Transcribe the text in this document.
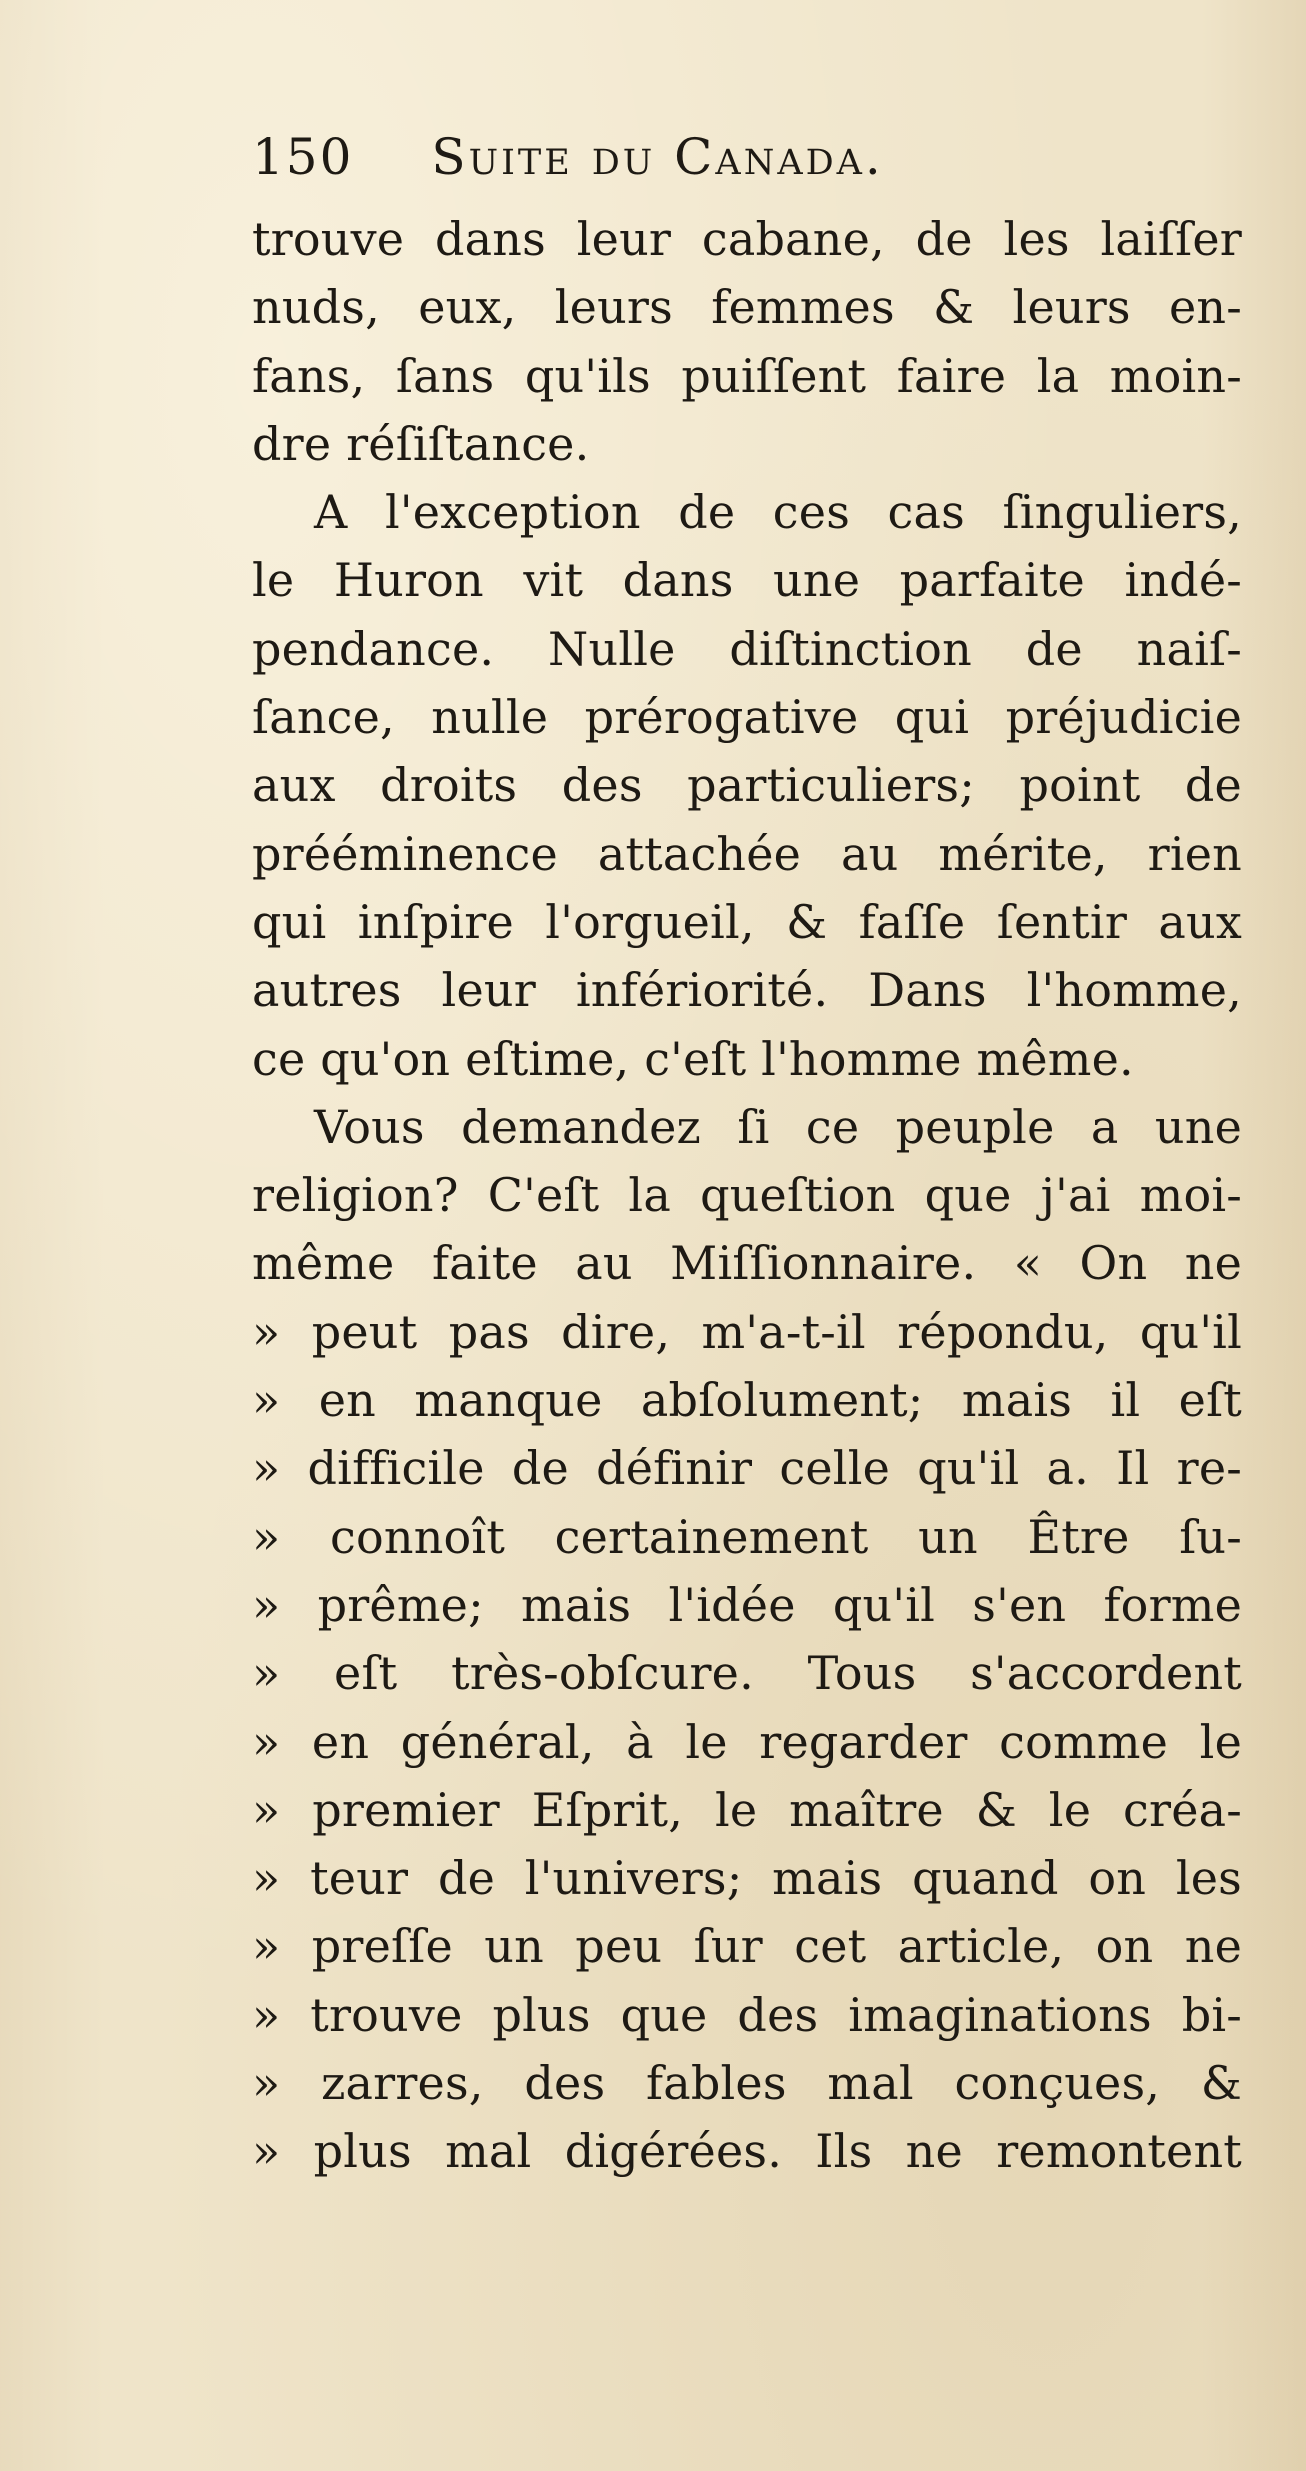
150 Suite du Canada.
trouve dans leur cabane, de les laiſſer
nuds, eux, leurs femmes & leurs en-
fans, ſans qu'ils puiſſent faire la moin-
dre réſiſtance.
A l'exception de ces cas ſinguliers,
le Huron vit dans une parfaite indé-
pendance. Nulle diſtinction de naiſ-
ſance, nulle prérogative qui préjudicie
aux droits des particuliers; point de
prééminence attachée au mérite, rien
qui inſpire l'orgueil, & faſſe ſentir aux
autres leur infériorité. Dans l'homme,
ce qu'on eſtime, c'eſt l'homme même.
Vous demandez ſi ce peuple a une
religion? C'eſt la queſtion que j'ai moi-
même faite au Miſſionnaire. « On ne
» peut pas dire, m'a-t-il répondu, qu'il
» en manque abſolument; mais il eſt
» difficile de définir celle qu'il a. Il re-
» connoît certainement un Être ſu-
» prême; mais l'idée qu'il s'en forme
» eſt très-obſcure. Tous s'accordent
» en général, à le regarder comme le
» premier Eſprit, le maître & le créa-
» teur de l'univers; mais quand on les
» preſſe un peu ſur cet article, on ne
» trouve plus que des imaginations bi-
» zarres, des fables mal conçues, &
» plus mal digérées. Ils ne remontent
